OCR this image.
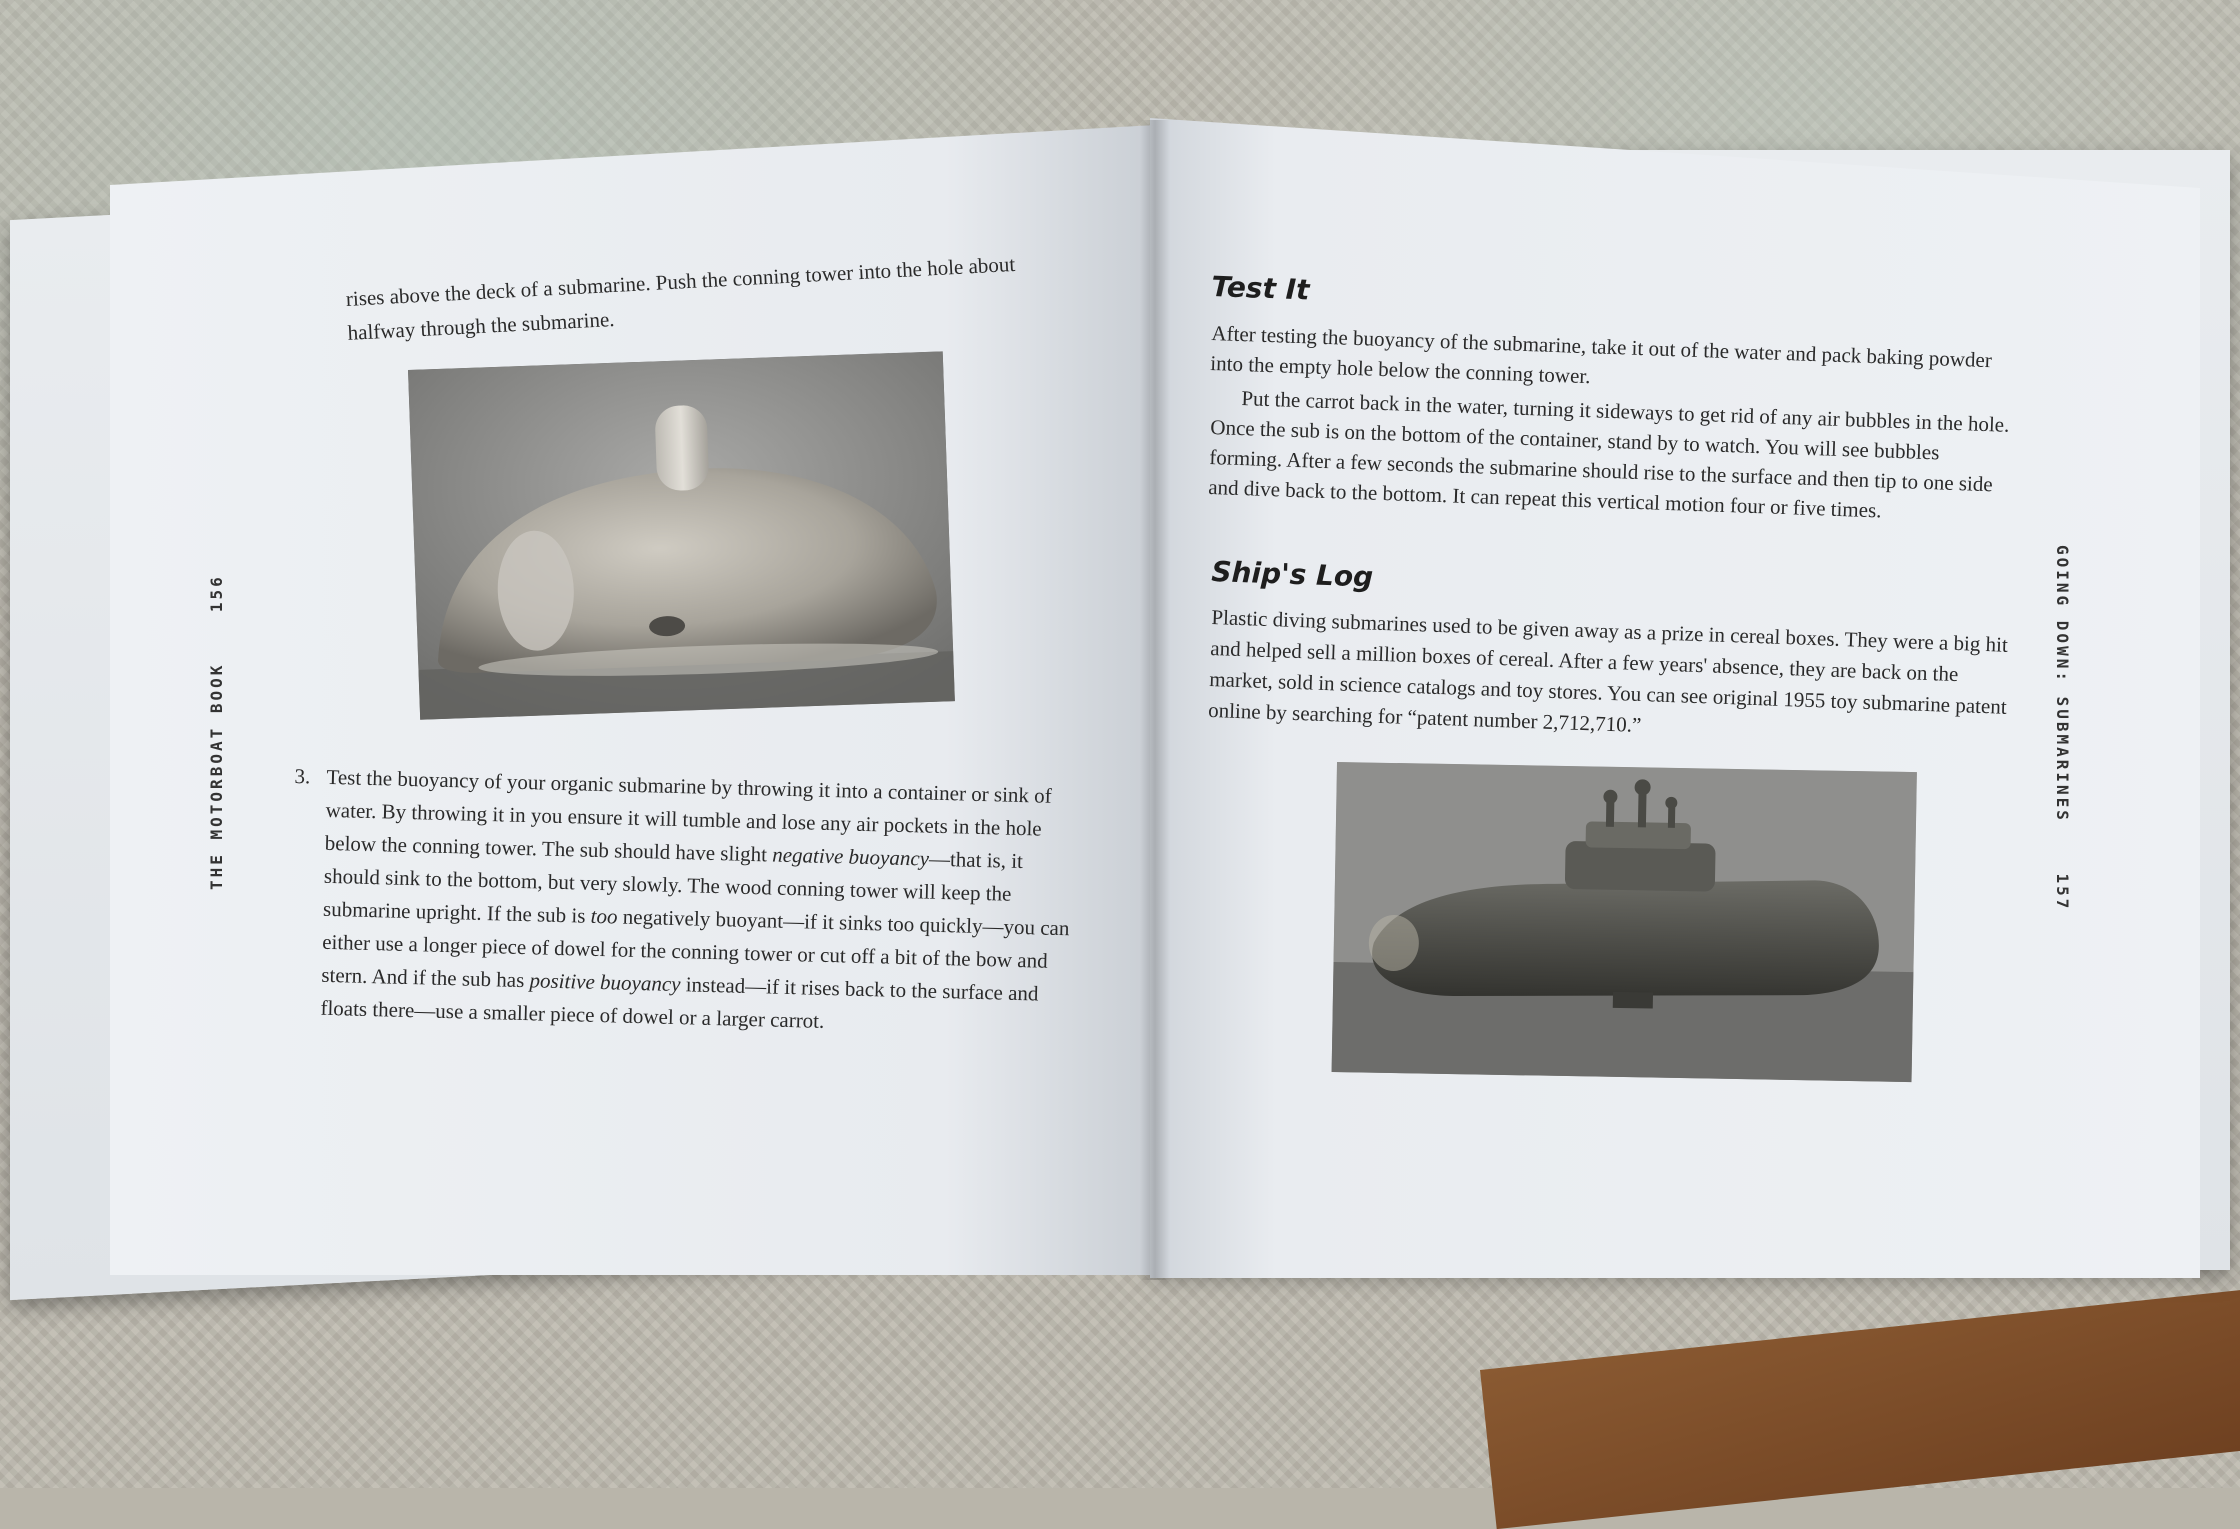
THE MOTORBOAT BOOK    156
rises above the deck of a submarine. Push the conning tower into the hole about halfway through the submarine.
3. Test the buoyancy of your organic submarine by throwing it into a container or sink of water. By throwing it in you ensure it will tumble and lose any air pockets in the hole below the conning tower. The sub should have slight negative buoyancy—that is, it should sink to the bottom, but very slowly. The wood conning tower will keep the submarine upright. If the sub is too negatively buoyant—if it sinks too quickly—you can either use a longer piece of dowel for the conning tower or cut off a bit of the bow and stern. And if the sub has positive buoyancy instead—if it rises back to the surface and floats there—use a smaller piece of dowel or a larger carrot.
Test It
After testing the buoyancy of the submarine, take it out of the water and pack baking powder into the empty hole below the conning tower.
Put the carrot back in the water, turning it sideways to get rid of any air bubbles in the hole. Once the sub is on the bottom of the container, stand by to watch. You will see bubbles forming. After a few seconds the submarine should rise to the surface and then tip to one side and dive back to the bottom. It can repeat this vertical motion four or five times.
Ship's Log
Plastic diving submarines used to be given away as a prize in cereal boxes. They were a big hit and helped sell a million boxes of cereal. After a few years' absence, they are back on the market, sold in science catalogs and toy stores. You can see original 1955 toy submarine patent online by searching for “patent number 2,712,710.”	GOING DOWN: SUBMARINES    157
